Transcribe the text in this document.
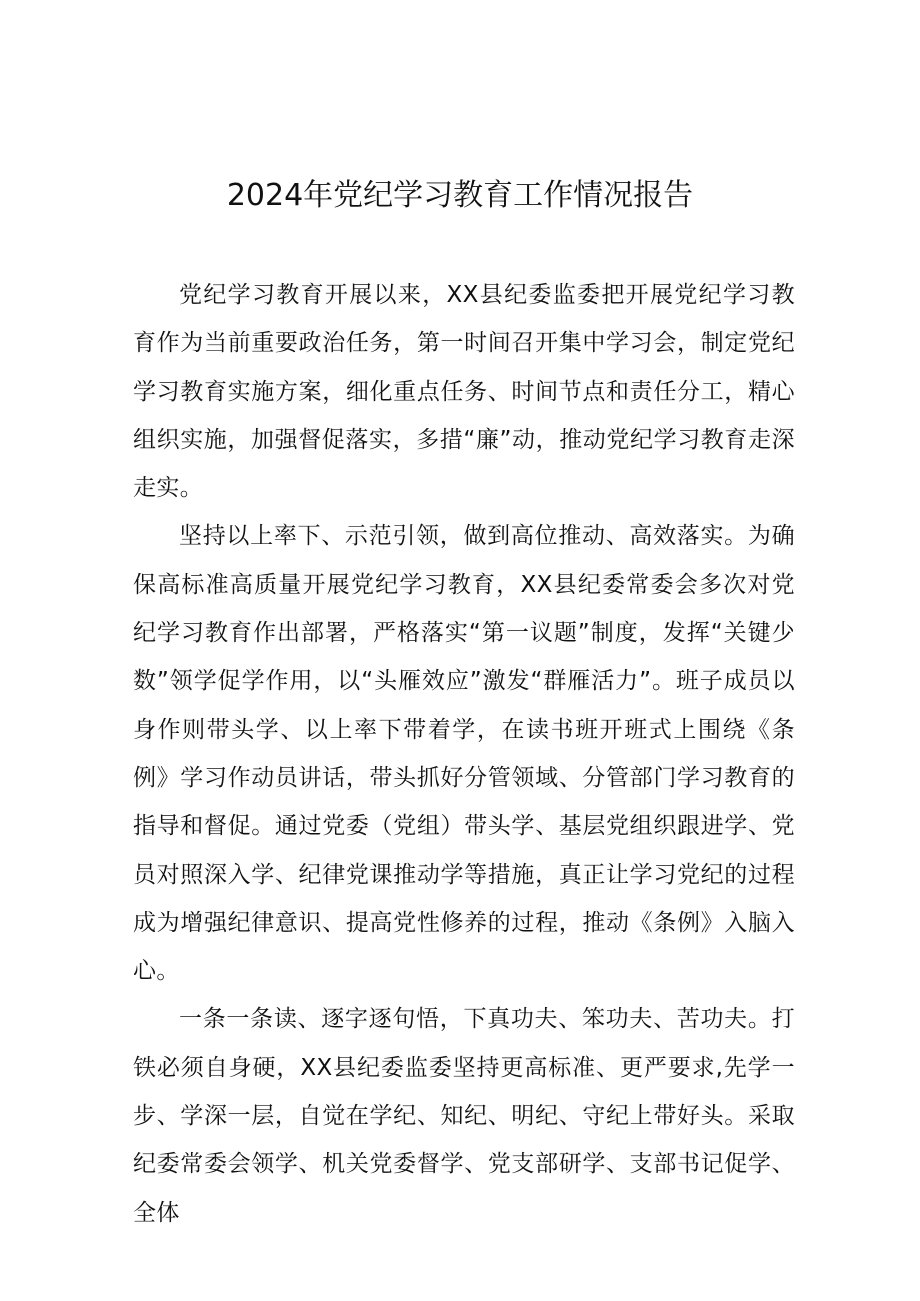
2024年党纪学习教育工作情况报告

党纪学习教育开展以来，XX县纪委监委把开展党纪学习教育作为当前重要政治任务，第一时间召开集中学习会，制定党纪学习教育实施方案，细化重点任务、时间节点和责任分工，精心组织实施，加强督促落实，多措“廉”动，推动党纪学习教育走深走实。

坚持以上率下、示范引领，做到高位推动、高效落实。为确保高标准高质量开展党纪学习教育，XX县纪委常委会多次对党纪学习教育作出部署，严格落实“第一议题”制度，发挥“关键少数”领学促学作用，以“头雁效应”激发“群雁活力”。班子成员以身作则带头学、以上率下带着学，在读书班开班式上围绕《条例》学习作动员讲话，带头抓好分管领域、分管部门学习教育的指导和督促。通过党委（党组）带头学、基层党组织跟进学、党员对照深入学、纪律党课推动学等措施，真正让学习党纪的过程成为增强纪律意识、提高党性修养的过程，推动《条例》入脑入心。

一条一条读、逐字逐句悟，下真功夫、笨功夫、苦功夫。打铁必须自身硬，XX县纪委监委坚持更高标准、更严要求,先学一步、学深一层，自觉在学纪、知纪、明纪、守纪上带好头。采取纪委常委会领学、机关党委督学、党支部研学、支部书记促学、全体
